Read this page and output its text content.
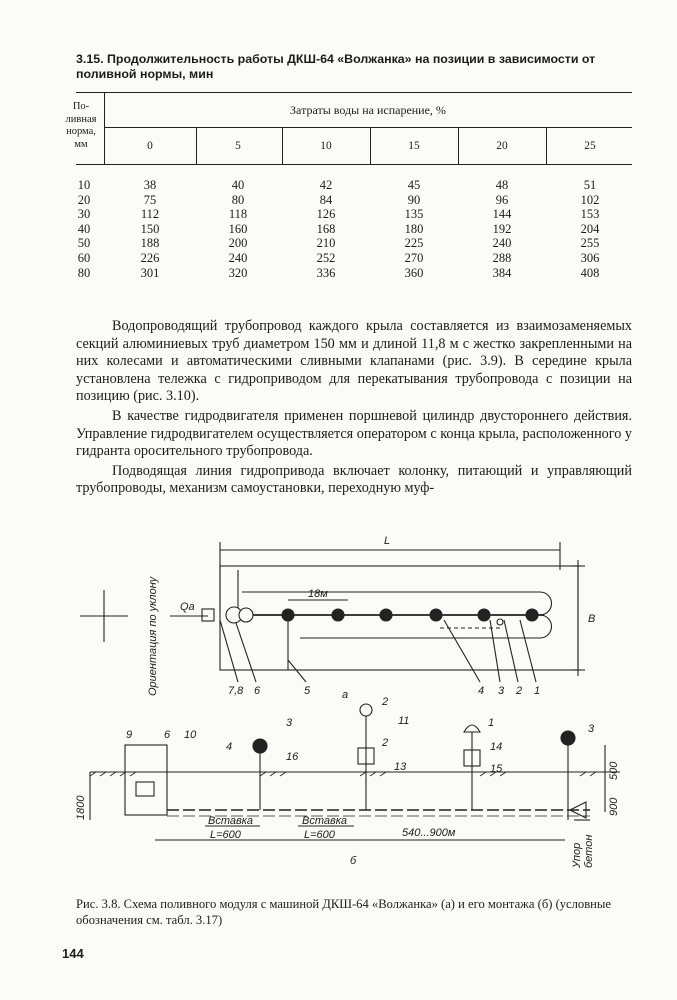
3.15. Продолжительность работы ДКШ-64 «Волжанка» на позиции в зависимости от поливной нормы, мин
По-
ливная
норма,
мм
Затраты воды на испарение, %
0	5	10	15	20	25
10	38	40	42	45	48	51
20	75	80	84	90	96	102
30	112	118	126	135	144	153
40	150	160	168	180	192	204
50	188	200	210	225	240	255
60	226	240	252	270	288	306
80	301	320	336	360	384	408

Водопроводящий трубопровод каждого крыла составляется из взаимозаменяемых секций алюминиевых труб диаметром 150 мм и длиной 11,8 м с жестко закрепленными на них колесами и автоматическими сливными клапанами (рис. 3.9). В середине крыла установлена тележка с гидроприводом для перекатывания трубопровода с позиции на позицию (рис. 3.10).

В качестве гидродвигателя применен поршневой цилиндр двустороннего действия. Управление гидродвигателем осуществляется оператором с конца крыла, расположенного у гидранта оросительного трубопровода.

Подводящая линия гидропривода включает колонку, питающий и управляющий трубопроводы, механизм самоустановки, переходную муф-

L
B
18м
Qа
Ориентация по уклону	7,8 6	5	4 3 2 1
а
9	6 10
4
3
16
2
11
2
13
1
14
15
3
1800
Вставка
L=600
Вставка
L=600	540...900м
500
900
Упор бетон
б
Рис. 3.8. Схема поливного модуля с машиной ДКШ-64 «Волжанка» (а) и его монтажа (б) (условные обозначения см. табл. 3.17)
144
